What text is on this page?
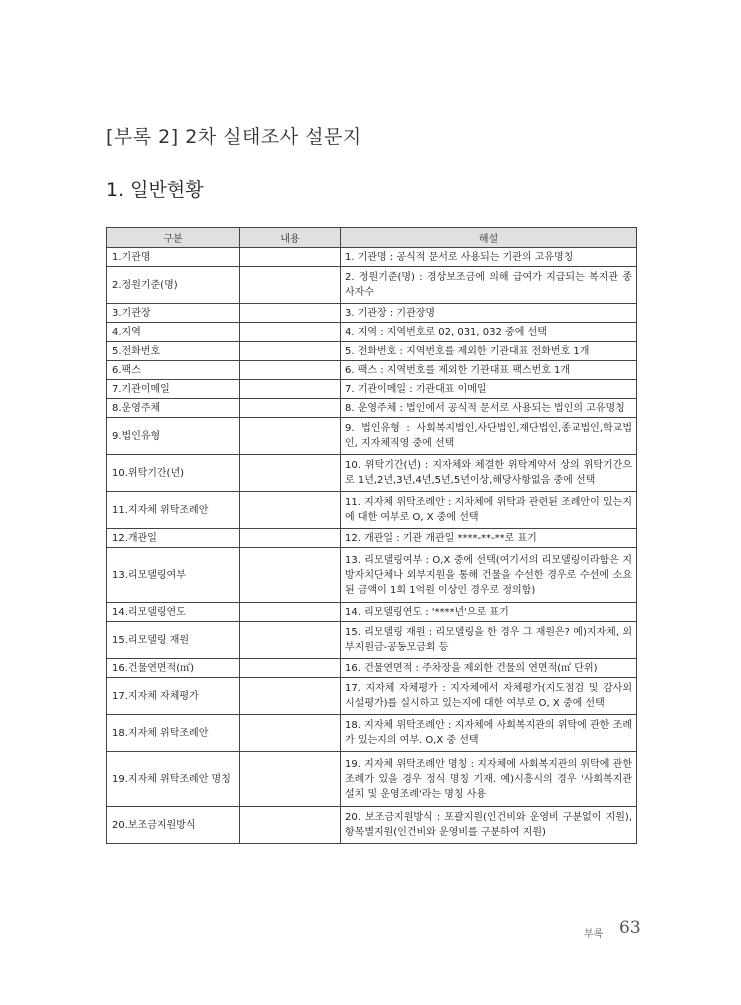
[부록 2] 2차 실태조사 설문지
1. 일반현황
구분	내용	해설
1.기관명		1. 기관명 : 공식적 문서로 사용되는 기관의 고유명칭
2.정원기준(명)		2. 정원기준(명) : 경상보조금에 의해 급여가 지급되는 복지관 종사자수
3.기관장		3. 기관장 : 기관장명
4.지역		4. 지역 : 지역번호로 02, 031, 032 중에 선택
5.전화번호		5. 전화번호 : 지역번호를 제외한 기관대표 전화번호 1개
6.팩스		6. 팩스 : 지역번호를 제외한 기관대표 팩스번호 1개
7.기관이메일		7. 기관이메일 : 기관대표 이메일
8.운영주체		8. 운영주체 : 법인에서 공식적 문서로 사용되는 법인의 고유명칭
9.법인유형		9. 법인유형 : 사회복지법인,사단법인,재단법인,종교법인,학교법인, 지자체직영 중에 선택
10.위탁기간(년)		10. 위탁기간(년) : 지자체와 체결한 위탁계약서 상의 위탁기간으로 1년,2년,3년,4년,5년,5년이상,해당사항없음 중에 선택
11.지자체 위탁조례안		11. 지자체 위탁조례안 : 지차체에 위탁과 관련된 조례안이 있는지에 대한 여부로 O, X 중에 선택
12.개관일		12. 개관일 : 기관 개관일 ****-**-**로 표기
13.리모델링여부		13. 리모델링여부 : O,X 중에 선택(여기서의 리모델링이라함은 지방자치단체나 외부지원을 통해 건물을 수선한 경우로 수선에 소요된 금액이 1회 1억원 이상인 경우로 정의함)
14.리모델링연도		14. 리모델링연도 : '****년'으로 표기
15.리모델링 재원		15. 리모델링 재원 : 리모델링을 한 경우 그 재원은? 예)지자체, 외부지원금-공동모금회 등
16.건물연면적(㎡)		16. 건물연면적 : 주차장을 제외한 건물의 연면적(㎡ 단위)
17.지자체 자체평가		17. 지자체 자체평가 : 지자체에서 자체평가(지도점검 및 감사외 시설평가)를 실시하고 있는지에 대한 여부로 O, X 중에 선택
18.지자체 위탁조례안		18. 지자체 위탁조례안 : 지자체에 사회복지관의 위탁에 관한 조례가 있는지의 여부. O,X 중 선택
19.지자체 위탁조례안 명칭		19. 지자체 위탁조례안 명칭 : 지자체에 사회복지관의 위탁에 관한 조례가 있을 경우 정식 명칭 기재. 예)시흥시의 경우 '사회복지관 설치 및 운영조례'라는 명칭 사용
20.보조금지원방식		20. 보조금지원방식 : 포괄지원(인건비와 운영비 구분없이 지원), 항목별지원(인건비와 운영비를 구분하여 지원)
부록 63
